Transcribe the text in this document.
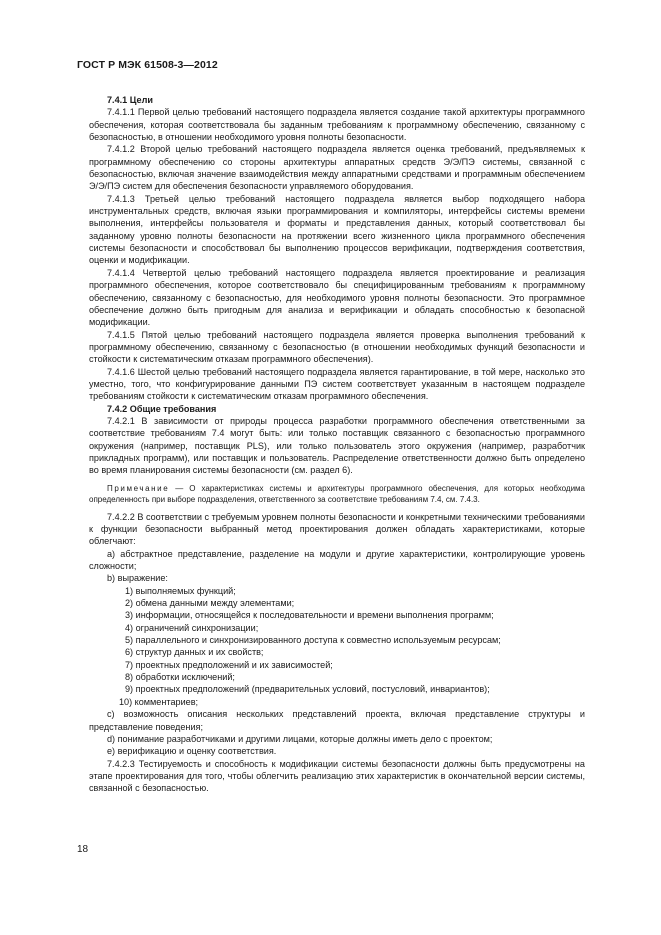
ГОСТ Р МЭК 61508-3—2012

7.4.1 Цели

7.4.1.1 Первой целью требований настоящего подраздела является создание такой архитектуры программного обеспечения, которая соответствовала бы заданным требованиям к программному обеспечению, связанному с безопасностью, в отношении необходимого уровня полноты безопасности.

7.4.1.2 Второй целью требований настоящего подраздела является оценка требований, предъявляемых к программному обеспечению со стороны архитектуры аппаратных средств Э/Э/ПЭ системы, связанной с безопасностью, включая значение взаимодействия между аппаратными средствами и программным обеспечением Э/Э/ПЭ систем для обеспечения безопасности управляемого оборудования.

7.4.1.3 Третьей целью требований настоящего подраздела является выбор подходящего набора инструментальных средств, включая языки программирования и компиляторы, интерфейсы системы времени выполнения, интерфейсы пользователя и форматы и представления данных, который соответствовал бы заданному уровню полноты безопасности на протяжении всего жизненного цикла программного обеспечения системы безопасности и способствовал бы выполнению процессов верификации, подтверждения соответствия, оценки и модификации.

7.4.1.4 Четвертой целью требований настоящего подраздела является проектирование и реализация программного обеспечения, которое соответствовало бы специфицированным требованиям к программному обеспечению, связанному с безопасностью, для необходимого уровня полноты безопасности. Это программное обеспечение должно быть пригодным для анализа и верификации и обладать способностью к безопасной модификации.

7.4.1.5 Пятой целью требований настоящего подраздела является проверка выполнения требований к программному обеспечению, связанному с безопасностью (в отношении необходимых функций безопасности и стойкости к систематическим отказам программного обеспечения).

7.4.1.6 Шестой целью требований настоящего подраздела является гарантирование, в той мере, насколько это уместно, того, что конфигурирование данными ПЭ систем соответствует указанным в настоящем подразделе требованиям стойкости к систематическим отказам программного обеспечения.

7.4.2 Общие требования

7.4.2.1 В зависимости от природы процесса разработки программного обеспечения ответственными за соответствие требованиям 7.4 могут быть: или только поставщик связанного с безопасностью программного окружения (например, поставщик PLS), или только пользователь этого окружения (например, разработчик прикладных программ), или поставщик и пользователь. Распределение ответственности должно быть определено во время планирования системы безопасности (см. раздел 6).

Примечание — О характеристиках системы и архитектуры программного обеспечения, для которых необходима определенность при выборе подразделения, ответственного за соответствие требованиям 7.4, см. 7.4.3.

7.4.2.2 В соответствии с требуемым уровнем полноты безопасности и конкретными техническими требованиями к функции безопасности выбранный метод проектирования должен обладать характеристиками, которые облегчают:

a) абстрактное представление, разделение на модули и другие характеристики, контролирующие уровень сложности;

b) выражение:

1) выполняемых функций;

2) обмена данными между элементами;

3) информации, относящейся к последовательности и времени выполнения программ;

4) ограничений синхронизации;

5) параллельного и синхронизированного доступа к совместно используемым ресурсам;

6) структур данных и их свойств;

7) проектных предположений и их зависимостей;

8) обработки исключений;

9) проектных предположений (предварительных условий, постусловий, инвариантов);

10) комментариев;

c) возможность описания нескольких представлений проекта, включая представление структуры и представление поведения;

d) понимание разработчиками и другими лицами, которые должны иметь дело с проектом;

e) верификацию и оценку соответствия.

7.4.2.3 Тестируемость и способность к модификации системы безопасности должны быть предусмотрены на этапе проектирования для того, чтобы облегчить реализацию этих характеристик в окончательной версии системы, связанной с безопасностью.

18
